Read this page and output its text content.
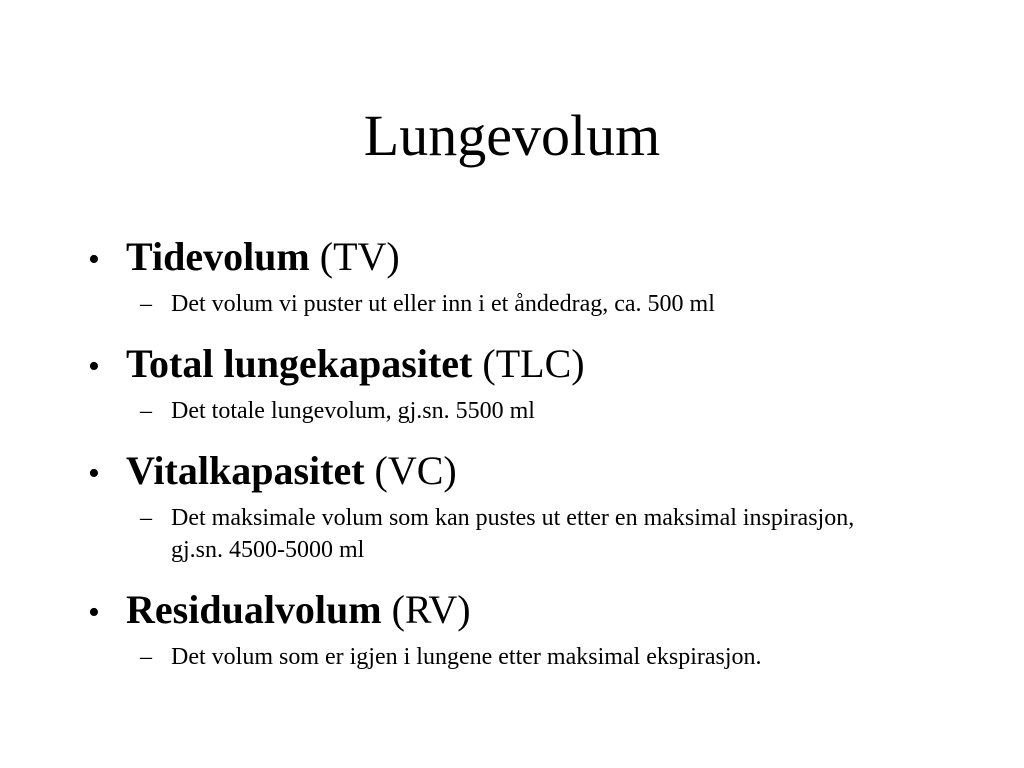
Lungevolum
• Tidevolum (TV)
– Det volum vi puster ut eller inn i et åndedrag, ca. 500 ml
• Total lungekapasitet (TLC)
– Det totale lungevolum, gj.sn. 5500 ml
• Vitalkapasitet (VC)
– Det maksimale volum som kan pustes ut etter en maksimal inspirasjon, gj.sn. 4500-5000 ml
• Residualvolum (RV)
– Det volum som er igjen i lungene etter maksimal ekspirasjon.
